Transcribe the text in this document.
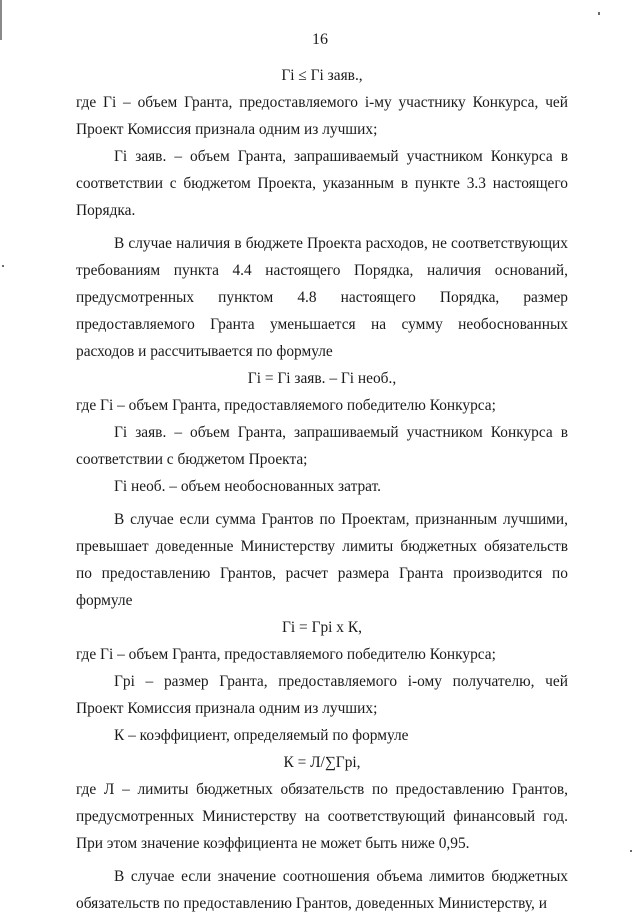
16

Гi ≤ Гi заяв.,

где Гi – объем Гранта, предоставляемого i-му участнику Конкурса, чей Проект Комиссия признала одним из лучших;

Гi заяв. – объем Гранта, запрашиваемый участником Конкурса в соответствии с бюджетом Проекта, указанным в пункте 3.3 настоящего Порядка.

В случае наличия в бюджете Проекта расходов, не соответствующих требованиям пункта 4.4 настоящего Порядка, наличия оснований, предусмотренных пунктом 4.8 настоящего Порядка, размер предоставляемого Гранта уменьшается на сумму необоснованных расходов и рассчитывается по формуле

Гi = Гi заяв. – Гi необ.,

где Гi – объем Гранта, предоставляемого победителю Конкурса;

Гi заяв. – объем Гранта, запрашиваемый участником Конкурса в соответствии с бюджетом Проекта;

Гi необ. – объем необоснованных затрат.

В случае если сумма Грантов по Проектам, признанным лучшими, превышает доведенные Министерству лимиты бюджетных обязательств по предоставлению Грантов, расчет размера Гранта производится по формуле

Гi = Гpi х К,

где Гi – объем Гранта, предоставляемого победителю Конкурса;

Гpi – размер Гранта, предоставляемого i-ому получателю, чей Проект Комиссия признала одним из лучших;

К – коэффициент, определяемый по формуле

К = Л/∑Гpi,

где Л – лимиты бюджетных обязательств по предоставлению Грантов, предусмотренных Министерству на соответствующий финансовый год. При этом значение коэффициента не может быть ниже 0,95.

В случае если значение соотношения объема лимитов бюджетных обязательств по предоставлению Грантов, доведенных Министерству, и
